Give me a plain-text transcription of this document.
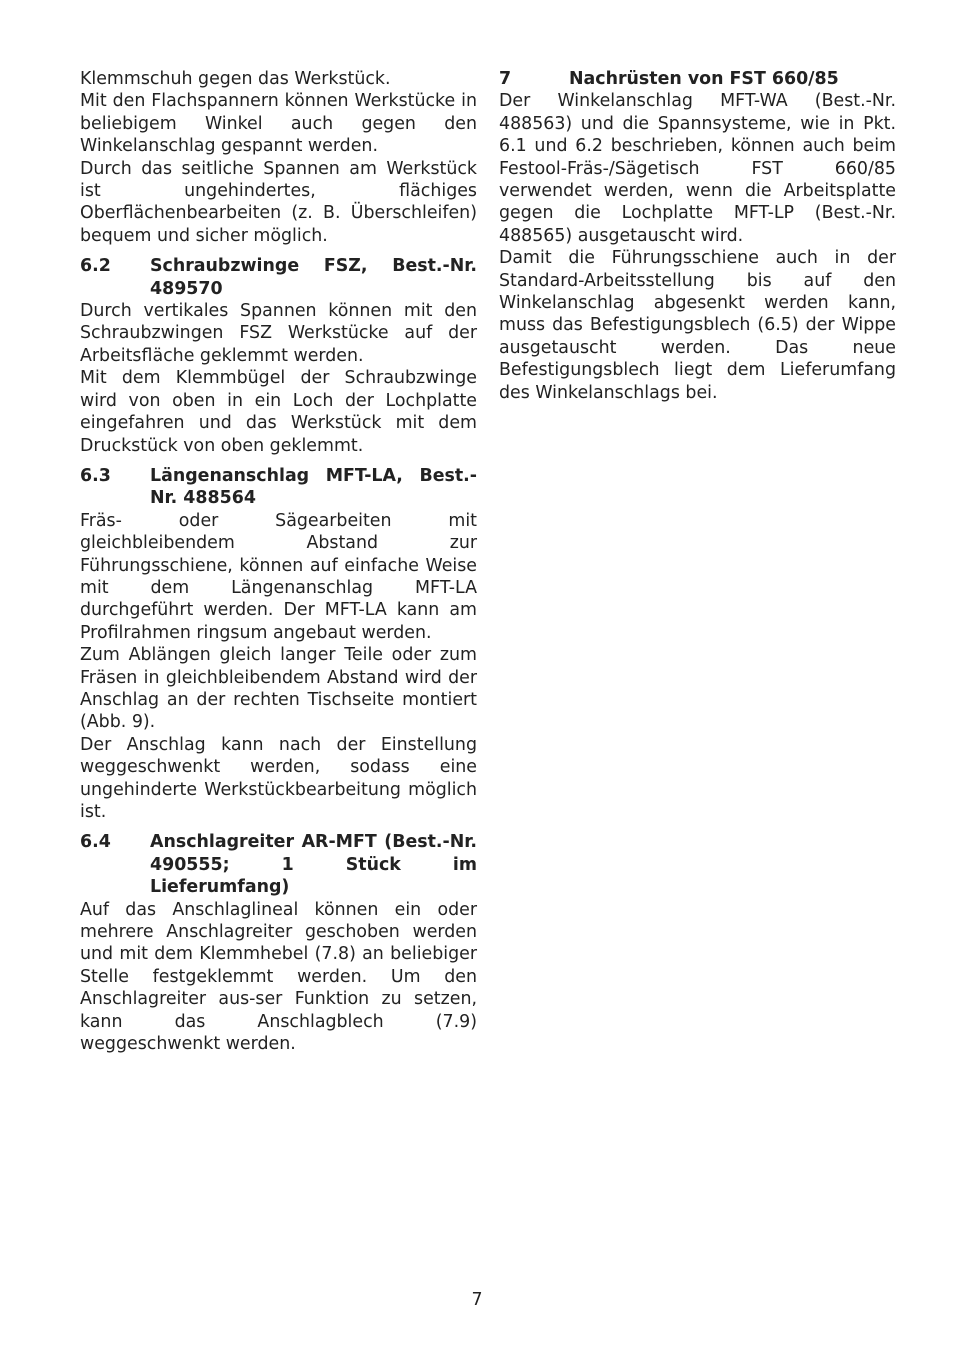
Klemmschuh gegen das Werkstück.

Mit den Flachspannern können Werkstücke in beliebigem Winkel auch gegen den Winkelanschlag gespannt werden.

Durch das seitliche Spannen am Werkstück ist ungehindertes, flächiges Oberflächenbearbeiten (z. B. Überschleifen) bequem und sicher möglich.

6.2	Schraubzwinge FSZ, Best.-Nr. 489570

Durch vertikales Spannen können mit den Schraubzwingen FSZ Werkstücke auf der Arbeitsfläche geklemmt werden.

Mit dem Klemmbügel der Schraubzwinge wird von oben in ein Loch der Lochplatte eingefahren und das Werkstück mit dem Druckstück von oben geklemmt.

6.3	Längenanschlag MFT-LA, Best.-Nr. 488564

Fräs- oder Sägearbeiten mit gleichbleibendem Abstand zur Führungsschiene, können auf einfache Weise mit dem Längenanschlag MFT-LA durchgeführt werden. Der MFT-LA kann am Profilrahmen ringsum angebaut werden.

Zum Ablängen gleich langer Teile oder zum Fräsen in gleichbleibendem Abstand wird der Anschlag an der rechten Tischseite montiert (Abb. 9).

Der Anschlag kann nach der Einstellung weggeschwenkt werden, sodass eine ungehinderte Werkstückbearbeitung möglich ist.

6.4	Anschlagreiter AR-MFT (Best.-Nr. 490555; 1 Stück im Lieferumfang)

Auf das Anschlaglineal können ein oder mehrere Anschlagreiter geschoben werden und mit dem Klemmhebel (7.8) an beliebiger Stelle festgeklemmt werden. Um den Anschlagreiter aus-ser Funktion zu setzen, kann das Anschlagblech (7.9) weggeschwenkt werden.

7	Nachrüsten von FST 660/85

Der Winkelanschlag MFT-WA (Best.-Nr. 488563) und die Spannsysteme, wie in Pkt. 6.1 und 6.2 beschrieben, können auch beim Festool-Fräs-/Sägetisch FST 660/85 verwendet werden, wenn die Arbeitsplatte gegen die Lochplatte MFT-LP (Best.-Nr. 488565) ausgetauscht wird.

Damit die Führungsschiene auch in der Standard-Arbeitsstellung bis auf den Winkelanschlag abgesenkt werden kann, muss das Befestigungsblech (6.5) der Wippe ausgetauscht werden. Das neue Befestigungsblech liegt dem Lieferumfang des Winkelanschlags bei.

7
